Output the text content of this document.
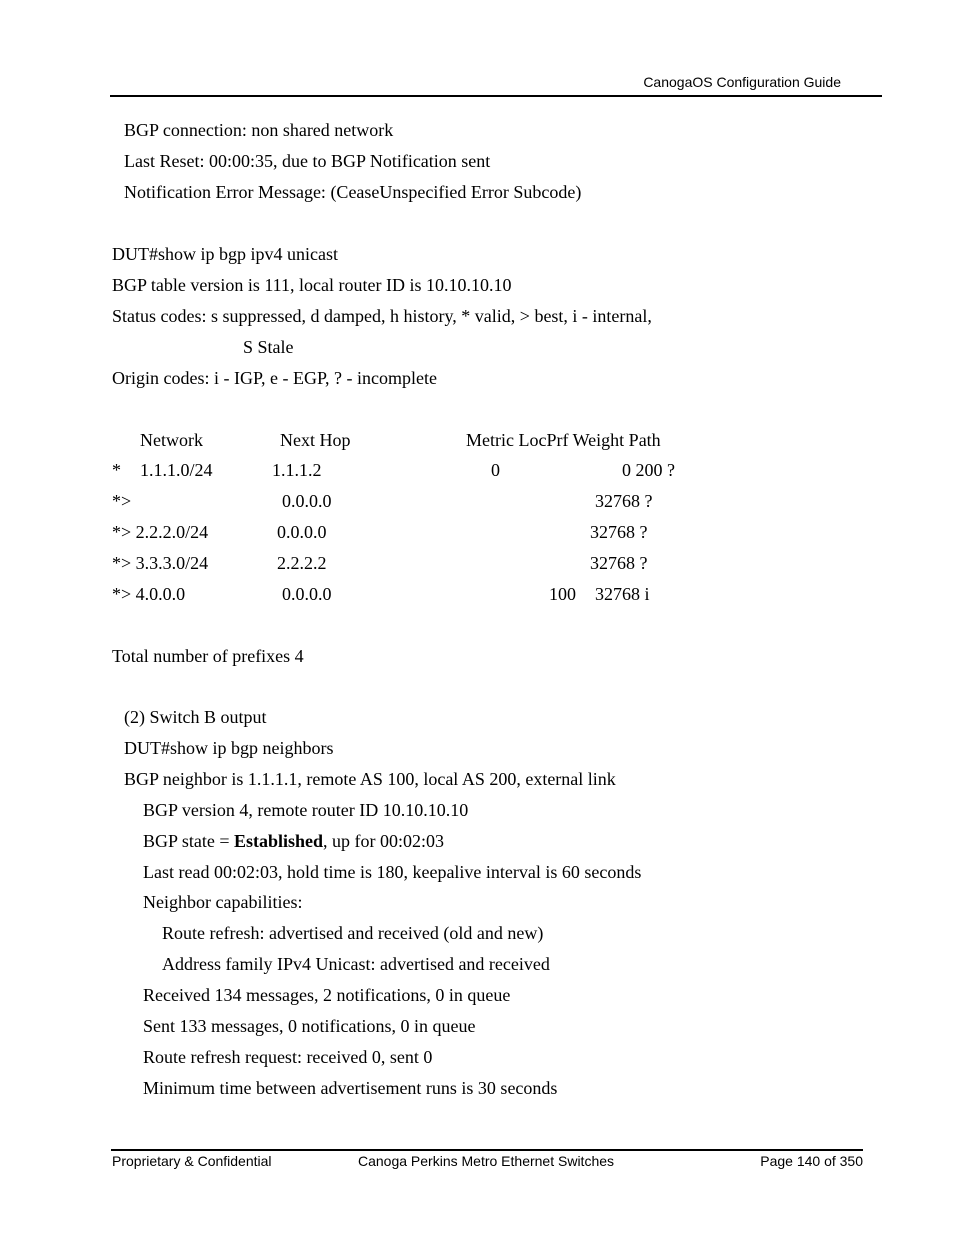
CanogaOS Configuration Guide
BGP connection: non shared network
Last Reset: 00:00:35, due to BGP Notification sent
Notification Error Message: (CeaseUnspecified Error Subcode)
DUT#show ip bgp ipv4 unicast
BGP table version is 111, local router ID is 10.10.10.10
Status codes: s suppressed, d damped, h history, * valid, > best, i - internal,
S Stale
Origin codes: i - IGP, e - EGP, ? - incomplete
Network	Next Hop	Metric LocPrf Weight Path
* 1.1.1.0/24	1.1.1.2	0	0 200 ?
*>	0.0.0.0	32768 ?
*> 2.2.2.0/24	0.0.0.0	32768 ?
*> 3.3.3.0/24	2.2.2.2	32768 ?
*> 4.0.0.0	0.0.0.0	100 32768 i
Total number of prefixes 4
(2) Switch B output
DUT#show ip bgp neighbors
BGP neighbor is 1.1.1.1, remote AS 100, local AS 200, external link
BGP version 4, remote router ID 10.10.10.10
BGP state = Established, up for 00:02:03
Last read 00:02:03, hold time is 180, keepalive interval is 60 seconds
Neighbor capabilities:
Route refresh: advertised and received (old and new)
Address family IPv4 Unicast: advertised and received
Received 134 messages, 2 notifications, 0 in queue
Sent 133 messages, 0 notifications, 0 in queue
Route refresh request: received 0, sent 0
Minimum time between advertisement runs is 30 seconds
Proprietary & Confidential	Canoga Perkins Metro Ethernet Switches	Page 140 of 350
